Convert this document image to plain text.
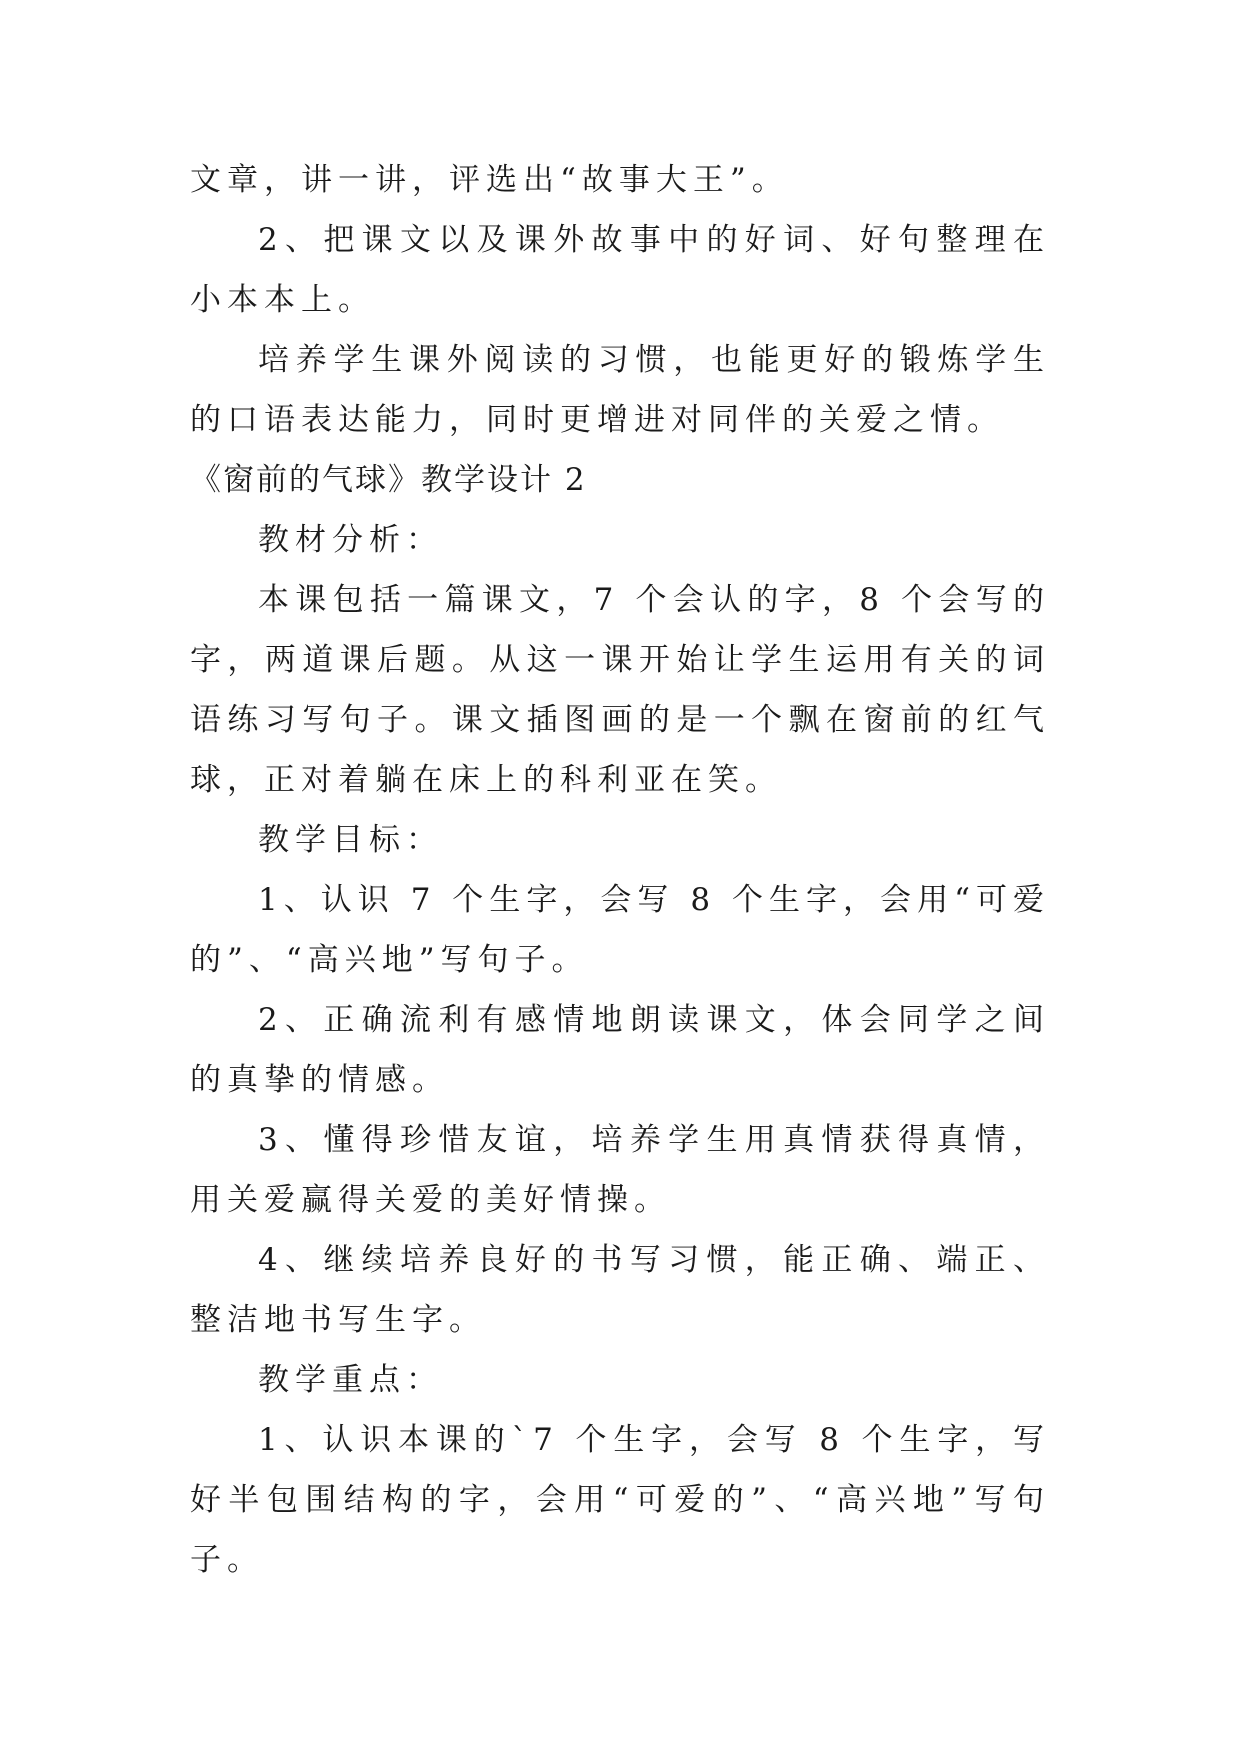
文章，讲一讲，评选出“故事大王”。

2、把课文以及课外故事中的好词、好句整理在小本本上。

培养学生课外阅读的习惯，也能更好的锻炼学生的口语表达能力，同时更增进对同伴的关爱之情。

《窗前的气球》教学设计 2

教材分析：

本课包括一篇课文，7 个会认的字，8 个会写的字，两道课后题。从这一课开始让学生运用有关的词语练习写句子。课文插图画的是一个飘在窗前的红气球，正对着躺在床上的科利亚在笑。

教学目标：

1、认识 7 个生字，会写 8 个生字，会用“可爱的”、“高兴地”写句子。

2、正确流利有感情地朗读课文，体会同学之间的真挚的情感。

3、懂得珍惜友谊，培养学生用真情获得真情，用关爱赢得关爱的美好情操。

4、继续培养良好的书写习惯，能正确、端正、整洁地书写生字。

教学重点：

1、认识本课的`7 个生字，会写 8 个生字，写好半包围结构的字，会用“可爱的”、“高兴地”写句子。
